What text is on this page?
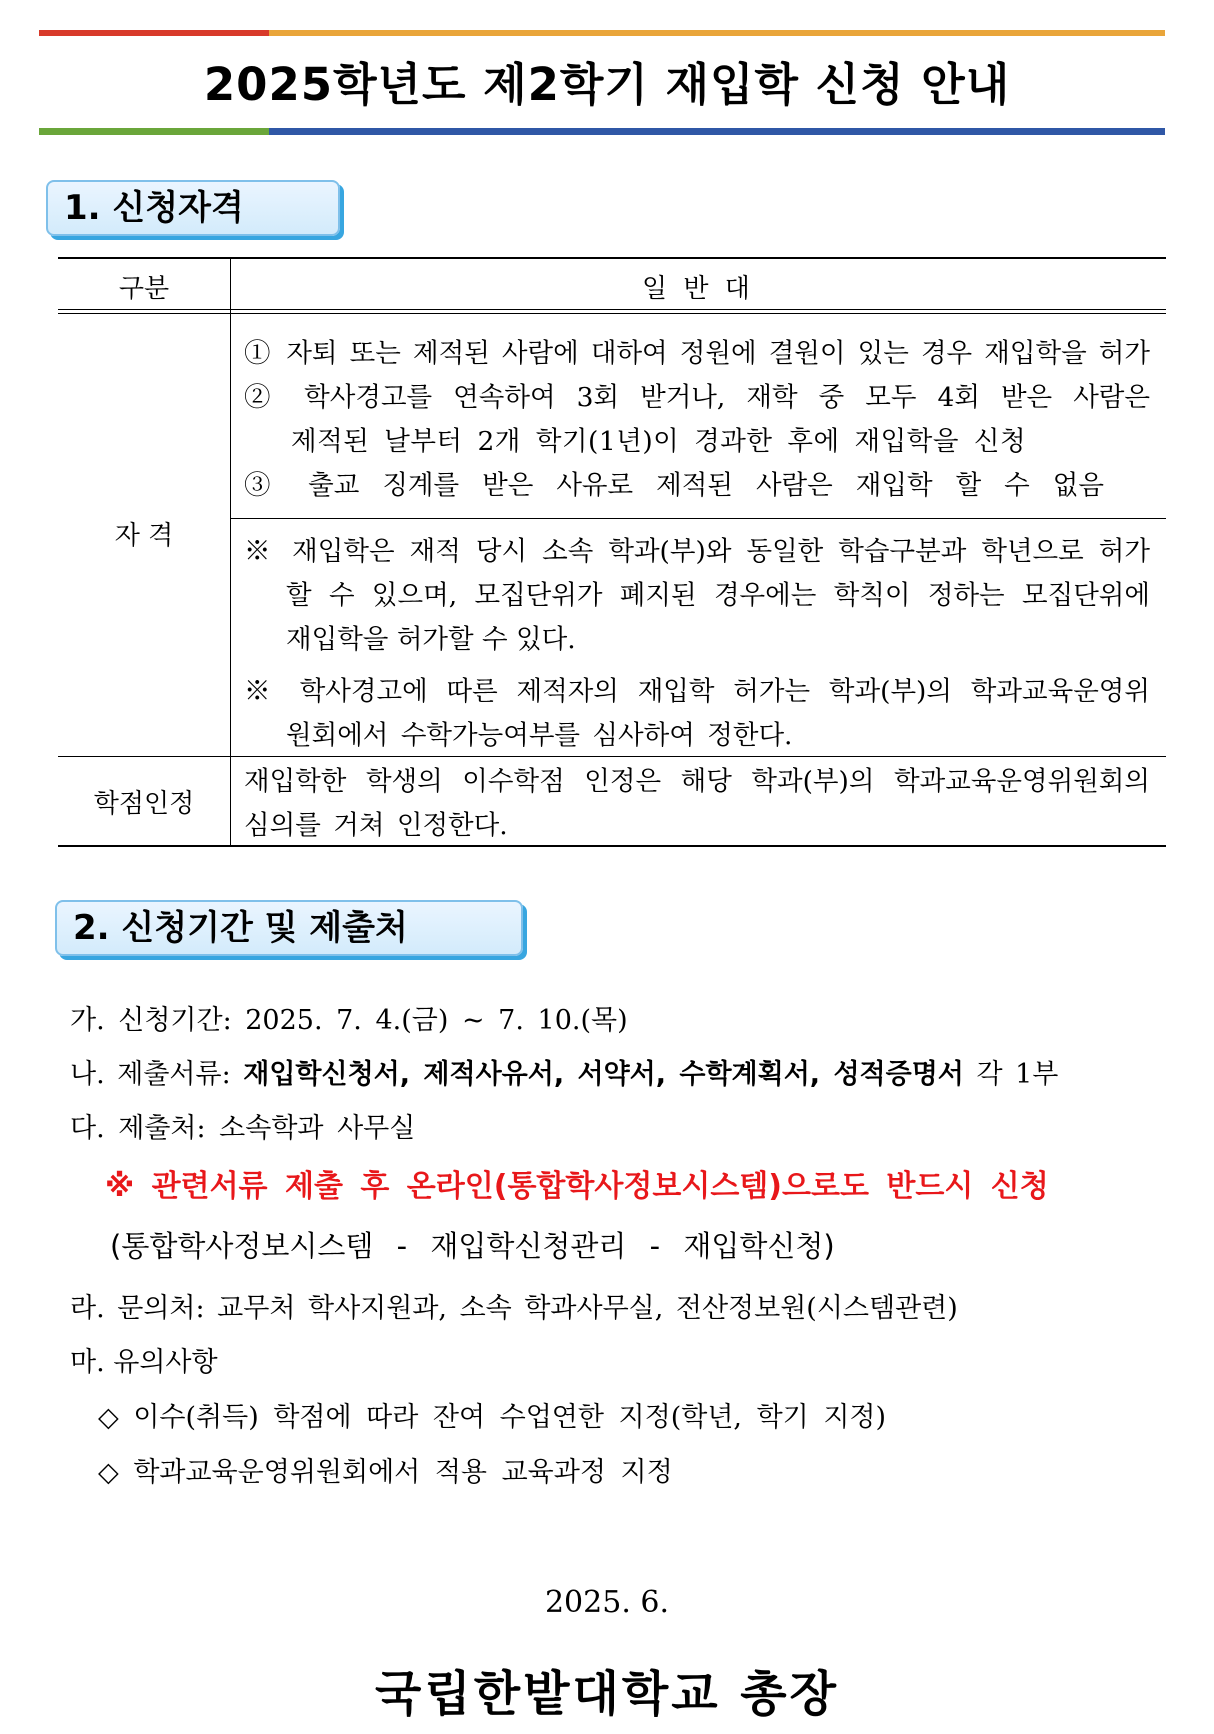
2025학년도 제2학기 재입학 신청 안내
1. 신청자격
구분	일 반 대
자 격
① 자퇴 또는 제적된 사람에 대하여 정원에 결원이 있는 경우 재입학을 허가
② 학사경고를 연속하여 3회 받거나, 재학 중 모두 4회 받은 사람은
제적된 날부터 2개 학기(1년)이 경과한 후에 재입학을 신청
③ 출교 징계를 받은 사유로 제적된 사람은 재입학 할 수 없음
※ 재입학은 재적 당시 소속 학과(부)와 동일한 학습구분과 학년으로 허가
할 수 있으며, 모집단위가 폐지된 경우에는 학칙이 정하는 모집단위에
재입학을 허가할 수 있다.
※ 학사경고에 따른 제적자의 재입학 허가는 학과(부)의 학과교육운영위
원회에서 수학가능여부를 심사하여 정한다.
학점인정
재입학한 학생의 이수학점 인정은 해당 학과(부)의 학과교육운영위원회의
심의를 거쳐 인정한다.
2. 신청기간 및 제출처
가. 신청기간: 2025. 7. 4.(금) ~ 7. 10.(목)
나. 제출서류: 재입학신청서, 제적사유서, 서약서, 수학계획서, 성적증명서 각 1부
다. 제출처: 소속학과 사무실
※ 관련서류 제출 후 온라인(통합학사정보시스템)으로도 반드시 신청
(통합학사정보시스템 - 재입학신청관리 - 재입학신청)
라. 문의처: 교무처 학사지원과, 소속 학과사무실, 전산정보원(시스템관련)
마. 유의사항
◇ 이수(취득) 학점에 따라 잔여 수업연한 지정(학년, 학기 지정)
◇ 학과교육운영위원회에서 적용 교육과정 지정
2025. 6.
국립한밭대학교 총장
